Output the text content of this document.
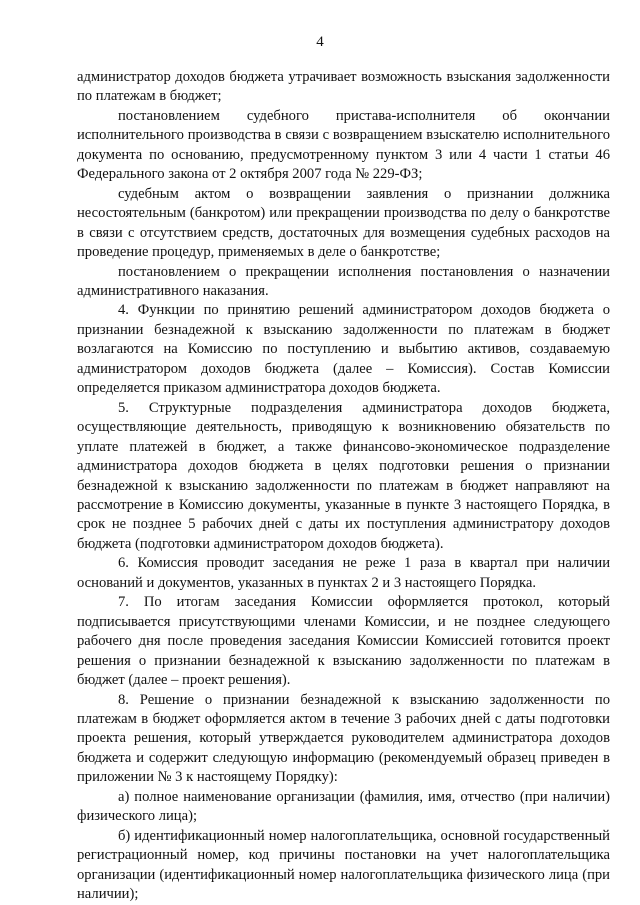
4

администратор доходов бюджета утрачивает возможность взыскания задолженности по платежам в бюджет;

постановлением судебного пристава-исполнителя об окончании исполнительного производства в связи с возвращением взыскателю исполнительного документа по основанию, предусмотренному пунктом 3 или 4 части 1 статьи 46 Федерального закона от 2 октября 2007 года № 229-ФЗ;

судебным актом о возвращении заявления о признании должника несостоятельным (банкротом) или прекращении производства по делу о банкротстве в связи с отсутствием средств, достаточных для возмещения судебных расходов на проведение процедур, применяемых в деле о банкротстве;

постановлением о прекращении исполнения постановления о назначении административного наказания.

4. Функции по принятию решений администратором доходов бюджета о признании безнадежной к взысканию задолженности по платежам в бюджет возлагаются на Комиссию по поступлению и выбытию активов, создаваемую администратором доходов бюджета (далее – Комиссия). Состав Комиссии определяется приказом администратора доходов бюджета.

5. Структурные подразделения администратора доходов бюджета, осуществляющие деятельность, приводящую к возникновению обязательств по уплате платежей в бюджет, а также финансово-экономическое подразделение администратора доходов бюджета в целях подготовки решения о признании безнадежной к взысканию задолженности по платежам в бюджет направляют на рассмотрение в Комиссию документы, указанные в пункте 3 настоящего Порядка, в срок не позднее 5 рабочих дней с даты их поступления администратору доходов бюджета (подготовки администратором доходов бюджета).

6. Комиссия проводит заседания не реже 1 раза в квартал при наличии оснований и документов, указанных в пунктах 2 и 3 настоящего Порядка.

7. По итогам заседания Комиссии оформляется протокол, который подписывается присутствующими членами Комиссии, и не позднее следующего рабочего дня после проведения заседания Комиссии Комиссией готовится проект решения о признании безнадежной к взысканию задолженности по платежам в бюджет (далее – проект решения).

8. Решение о признании безнадежной к взысканию задолженности по платежам в бюджет оформляется актом в течение 3 рабочих дней с даты подготовки проекта решения, который утверждается руководителем администратора доходов бюджета и содержит следующую информацию (рекомендуемый образец приведен в приложении № 3 к настоящему Порядку):

а) полное наименование организации (фамилия, имя, отчество (при наличии) физического лица);

б) идентификационный номер налогоплательщика, основной государственный регистрационный номер, код причины постановки на учет налогоплательщика организации (идентификационный номер налогоплательщика физического лица (при наличии);
